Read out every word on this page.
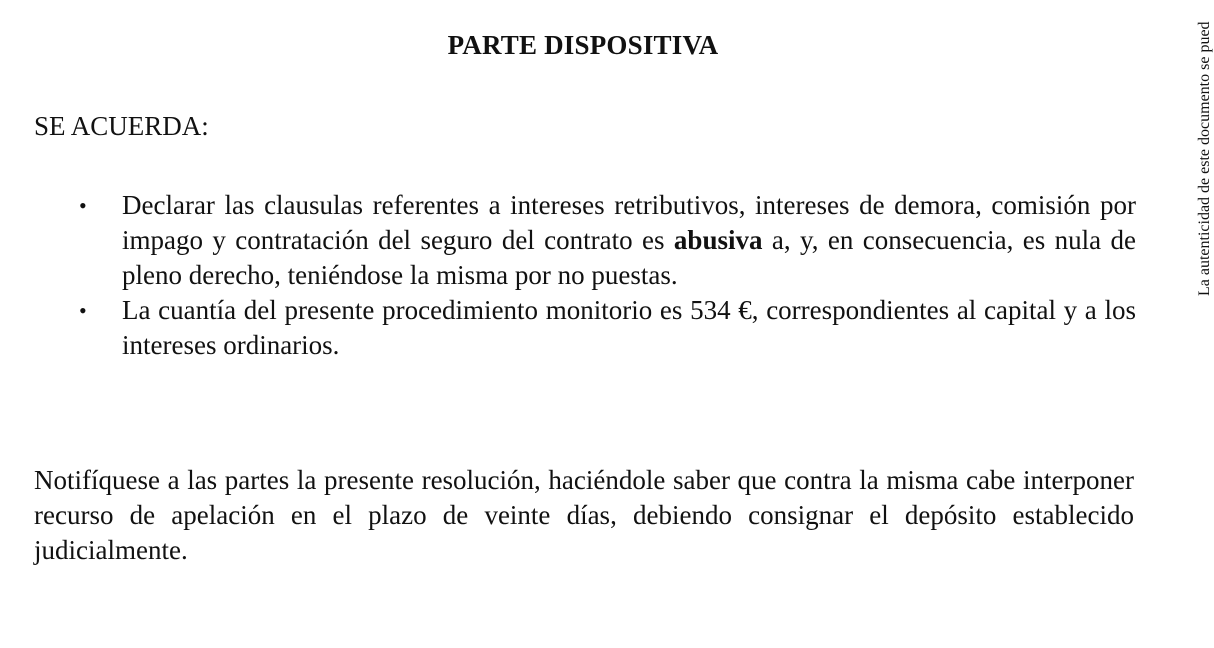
PARTE DISPOSITIVA
SE ACUERDA:
• Declarar las clausulas referentes a intereses retributivos, intereses de demora, comisión por impago y contratación del seguro del contrato es abusiva a, y, en consecuencia, es nula de pleno derecho, teniéndose la misma por no puestas.
• La cuantía del presente procedimiento monitorio es 534 €, correspondientes al capital y a los intereses ordinarios.

Notifíquese a las partes la presente resolución, haciéndole saber que contra la misma cabe interponer recurso de apelación en el plazo de veinte días, debiendo consignar el depósito establecido judicialmente.

La autenticidad de este documento se pued
